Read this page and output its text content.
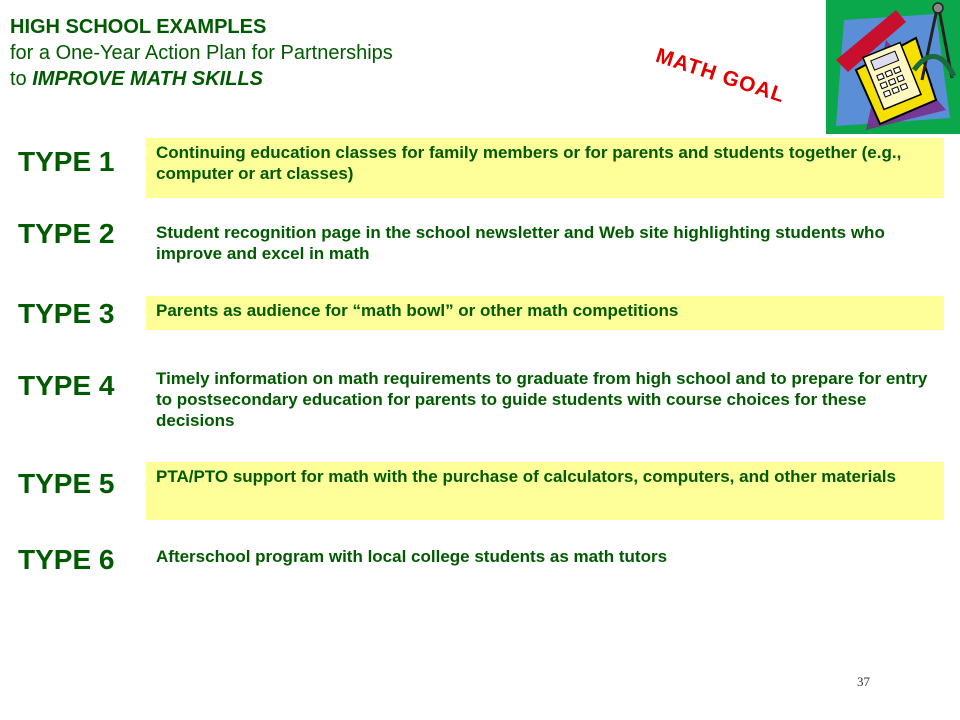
HIGH SCHOOL EXAMPLES
for a One-Year Action Plan for Partnerships
to IMPROVE MATH SKILLS	MATH GOAL
TYPE 1	Continuing education classes for family members or for parents and students together (e.g., computer or art classes)
TYPE 2	Student recognition page in the school newsletter and Web site highlighting students who improve and excel in math
TYPE 3	Parents as audience for “math bowl” or other math competitions
TYPE 4	Timely information on math requirements to graduate from high school and to prepare for entry to postsecondary education for parents to guide students with course choices for these decisions
TYPE 5	PTA/PTO support for math with the purchase of calculators, computers, and other materials
TYPE 6	Afterschool program with local college students as math tutors
37
